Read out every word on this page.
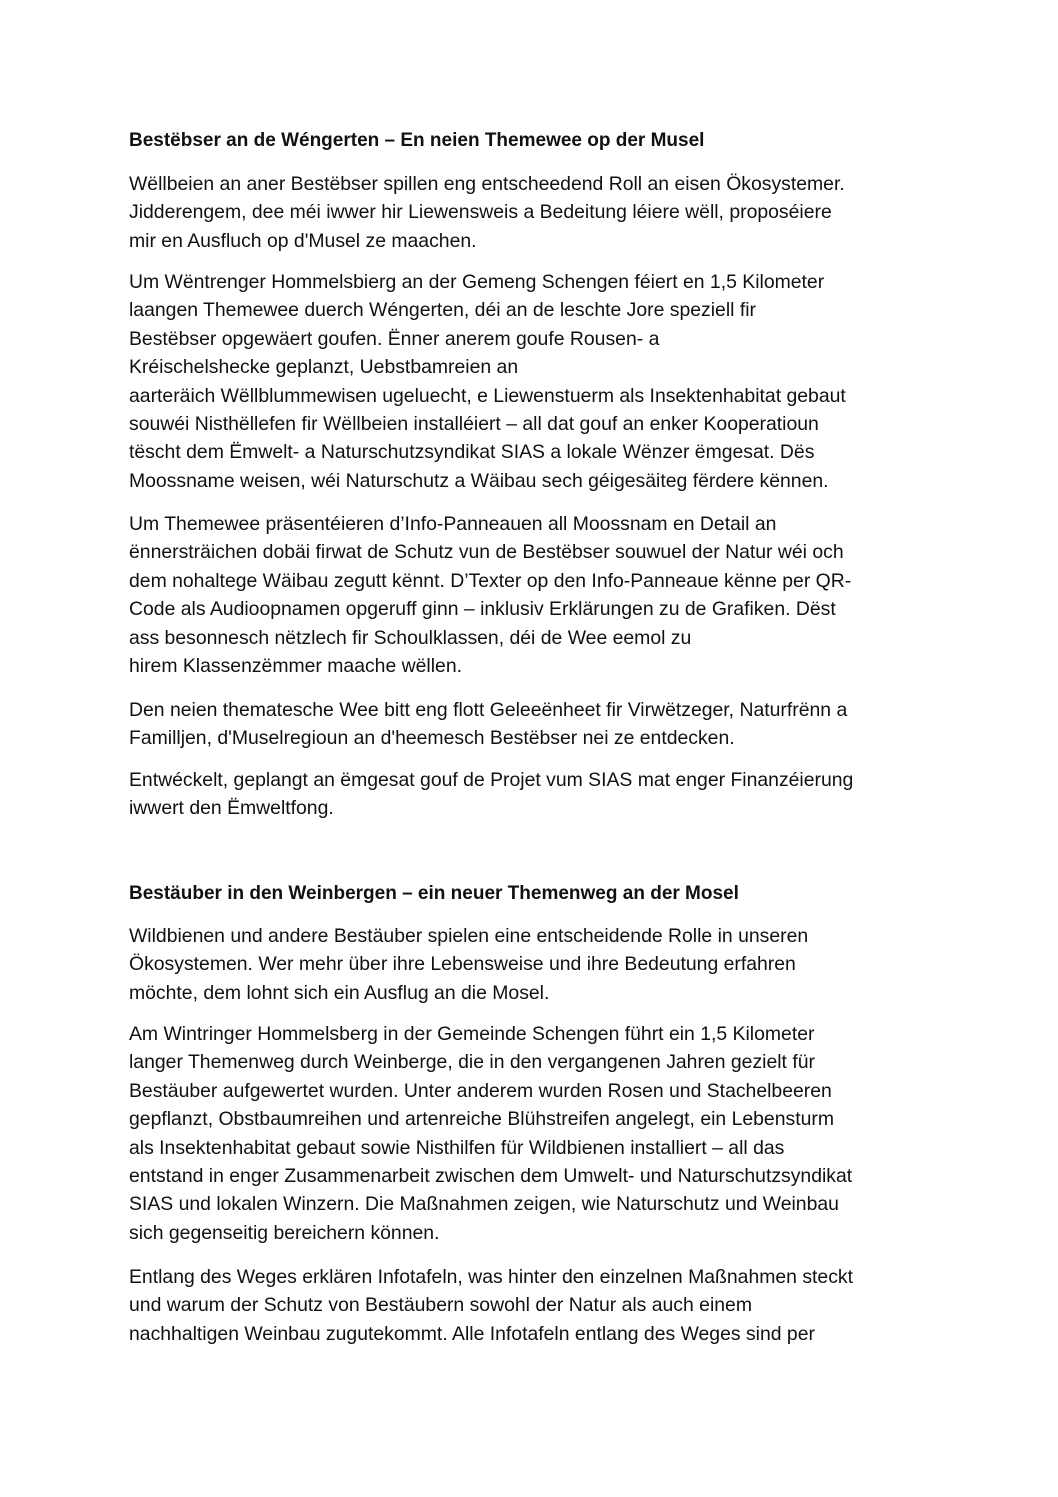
Bestëbser an de Wéngerten – En neien Themewee op der Musel

Wëllbeien an aner Bestëbser spillen eng entscheedend Roll an eisen Ökosystemer.
Jidderengem, dee méi iwwer hir Liewensweis a Bedeitung léiere wëll, proposéiere
mir en Ausfluch op d'Musel ze maachen.

Um Wëntrenger Hommelsbierg an der Gemeng Schengen féiert en 1,5 Kilometer
laangen Themewee duerch Wéngerten, déi an de leschte Jore speziell fir
Bestëbser opgewäert goufen. Ënner anerem goufe Rousen- a
Kréischelshecke geplanzt, Uebstbamreien an
aarteräich Wëllblummewisen ugeluecht, e Liewenstuerm als Insektenhabitat gebaut
souwéi Nisthëllefen fir Wëllbeien installéiert – all dat gouf an enker Kooperatioun
tëscht dem Ëmwelt- a Naturschutzsyndikat SIAS a lokale Wënzer ëmgesat. Dës
Moossname weisen, wéi Naturschutz a Wäibau sech géigesäiteg fërdere kënnen.

Um Themewee präsentéieren d’Info-Panneauen all Moossnam en Detail an
ënnersträichen dobäi firwat de Schutz vun de Bestëbser souwuel der Natur wéi och
dem nohaltege Wäibau zegutt kënnt. D’Texter op den Info-Panneaue kënne per QR-
Code als Audioopnamen opgeruff ginn – inklusiv Erklärungen zu de Grafiken. Dëst
ass besonnesch nëtzlech fir Schoulklassen, déi de Wee eemol zu
hirem Klassenzëmmer maache wëllen.

Den neien thematesche Wee bitt eng flott Geleeënheet fir Virwëtzeger, Naturfrënn a
Familljen, d'Muselregioun an d'heemesch Bestëbser nei ze entdecken.

Entwéckelt, geplangt an ëmgesat gouf de Projet vum SIAS mat enger Finanzéierung
iwwert den Ëmweltfong.

Bestäuber in den Weinbergen – ein neuer Themenweg an der Mosel

Wildbienen und andere Bestäuber spielen eine entscheidende Rolle in unseren
Ökosystemen. Wer mehr über ihre Lebensweise und ihre Bedeutung erfahren
möchte, dem lohnt sich ein Ausflug an die Mosel.

Am Wintringer Hommelsberg in der Gemeinde Schengen führt ein 1,5 Kilometer
langer Themenweg durch Weinberge, die in den vergangenen Jahren gezielt für
Bestäuber aufgewertet wurden. Unter anderem wurden Rosen und Stachelbeeren
gepflanzt, Obstbaumreihen und artenreiche Blühstreifen angelegt, ein Lebensturm
als Insektenhabitat gebaut sowie Nisthilfen für Wildbienen installiert – all das
entstand in enger Zusammenarbeit zwischen dem Umwelt- und Naturschutzsyndikat
SIAS und lokalen Winzern. Die Maßnahmen zeigen, wie Naturschutz und Weinbau
sich gegenseitig bereichern können.

Entlang des Weges erklären Infotafeln, was hinter den einzelnen Maßnahmen steckt
und warum der Schutz von Bestäubern sowohl der Natur als auch einem
nachhaltigen Weinbau zugutekommt. Alle Infotafeln entlang des Weges sind per
